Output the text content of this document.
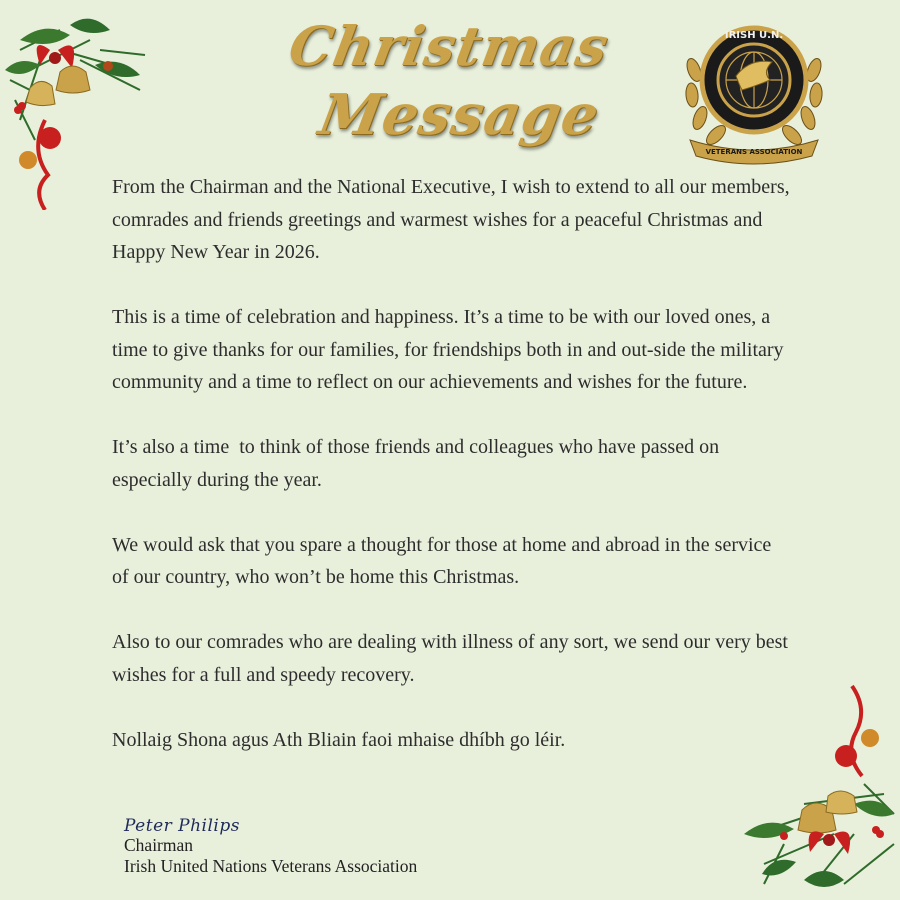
Christmas
Message
IRISH U.N.
VETERANS ASSOCIATION

From the Chairman and the National Executive, I wish to extend to all our members, comrades and friends greetings and warmest wishes for a peaceful Christmas and Happy New Year in 2026.

This is a time of celebration and happiness. It’s a time to be with our loved ones, a time to give thanks for our families, for friendships both in and out-side the military community and a time to reflect on our achievements and wishes for the future.

It’s also a time  to think of those friends and colleagues who have passed on especially during the year.

We would ask that you spare a thought for those at home and abroad in the service of our country, who won’t be home this Christmas.

Also to our comrades who are dealing with illness of any sort, we send our very best wishes for a full and speedy recovery.

Nollaig Shona agus Ath Bliain faoi mhaise dhíbh go léir.

Peter Philips
Chairman
Irish United Nations Veterans Association
